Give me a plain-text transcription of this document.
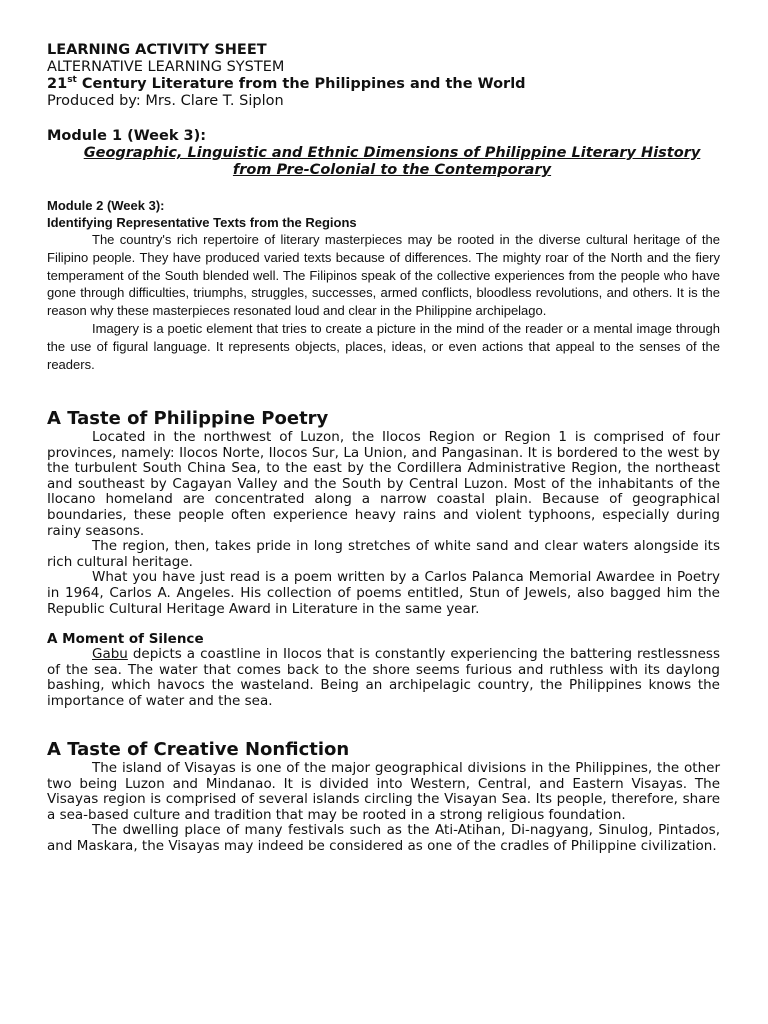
LEARNING ACTIVITY SHEET
ALTERNATIVE LEARNING SYSTEM
21st Century Literature from the Philippines and the World
Produced by: Mrs. Clare T. Siplon
Module 1 (Week 3):
Geographic, Linguistic and Ethnic Dimensions of Philippine Literary History
from Pre-Colonial to the Contemporary
Module 2 (Week 3):
Identifying Representative Texts from the Regions

The country's rich repertoire of literary masterpieces may be rooted in the diverse cultural heritage of the Filipino people. They have produced varied texts because of differences. The mighty roar of the North and the fiery temperament of the South blended well. The Filipinos speak of the collective experiences from the people who have gone through difficulties, triumphs, struggles, successes, armed conflicts, bloodless revolutions, and others. It is the reason why these masterpieces resonated loud and clear in the Philippine archipelago.

Imagery is a poetic element that tries to create a picture in the mind of the reader or a mental image through the use of figural language. It represents objects, places, ideas, or even actions that appeal to the senses of the readers.

A Taste of Philippine Poetry

Located in the northwest of Luzon, the Ilocos Region or Region 1 is comprised of four provinces, namely: Ilocos Norte, Ilocos Sur, La Union, and Pangasinan. It is bordered to the west by the turbulent South China Sea, to the east by the Cordillera Administrative Region, the northeast and southeast by Cagayan Valley and the South by Central Luzon. Most of the inhabitants of the Ilocano homeland are concentrated along a narrow coastal plain. Because of geographical boundaries, these people often experience heavy rains and violent typhoons, especially during rainy seasons.

The region, then, takes pride in long stretches of white sand and clear waters alongside its rich cultural heritage.

What you have just read is a poem written by a Carlos Palanca Memorial Awardee in Poetry in 1964, Carlos A. Angeles. His collection of poems entitled, Stun of Jewels, also bagged him the Republic Cultural Heritage Award in Literature in the same year.

A Moment of Silence

Gabu depicts a coastline in Ilocos that is constantly experiencing the battering restlessness of the sea. The water that comes back to the shore seems furious and ruthless with its daylong bashing, which havocs the wasteland. Being an archipelagic country, the Philippines knows the importance of water and the sea.

A Taste of Creative Nonfiction

The island of Visayas is one of the major geographical divisions in the Philippines, the other two being Luzon and Mindanao. It is divided into Western, Central, and Eastern Visayas. The Visayas region is comprised of several islands circling the Visayan Sea. Its people, therefore, share a sea-based culture and tradition that may be rooted in a strong religious foundation.

The dwelling place of many festivals such as the Ati-Atihan, Di-nagyang, Sinulog, Pintados, and Maskara, the Visayas may indeed be considered as one of the cradles of Philippine civilization.
